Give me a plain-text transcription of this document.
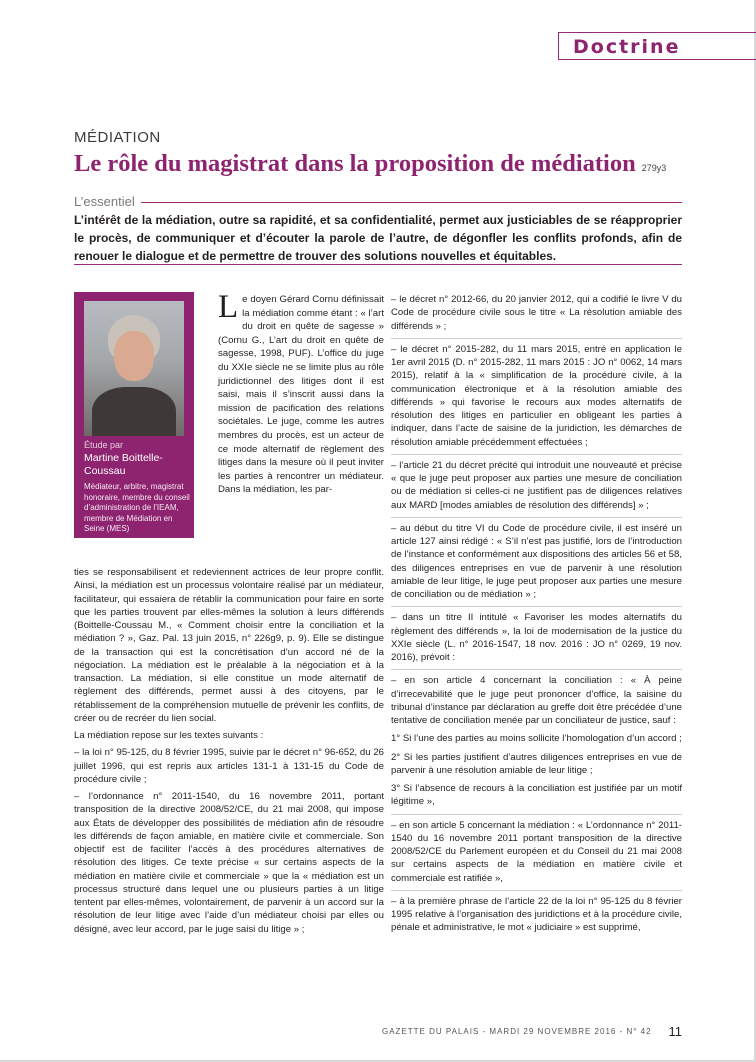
Doctrine
MÉDIATION
Le rôle du magistrat dans la proposition de médiation 279y3
L’essentiel
L’intérêt de la médiation, outre sa rapidité, et sa confidentialité, permet aux justiciables de se réapproprier le procès, de communiquer et d’écouter la parole de l’autre, de dégonfler les conflits profonds, afin de renouer le dialogue et de permettre de trouver des solutions nouvelles et équitables.
Étude par
Martine Boittelle-Coussau
Médiateur, arbitre, magistrat honoraire, membre du conseil d’administration de l’IEAM, membre de Médiation en Seine (MES)
Le doyen Gérard Cornu définissait la médiation comme étant : « l’art du droit en quête de sagesse » (Cornu G., L’art du droit en quête de sagesse, 1998, PUF). L’office du juge du XXIe siècle ne se limite plus au rôle juridictionnel des litiges dont il est saisi, mais il s’inscrit aussi dans la mission de pacification des relations sociétales. Le juge, comme les autres membres du procès, est un acteur de ce mode alternatif de règlement des litiges dans la mesure où il peut inviter les parties à rencontrer un médiateur. Dans la médiation, les par-

ties se responsabilisent et redeviennent actrices de leur propre conflit. Ainsi, la médiation est un processus volontaire réalisé par un médiateur, facilitateur, qui essaiera de rétablir la communication pour faire en sorte que les parties trouvent par elles-mêmes la solution à leurs différends (Boittelle-Coussau M., « Comment choisir entre la conciliation et la médiation ? », Gaz. Pal. 13 juin 2015, n° 226g9, p. 9). Elle se distingue de la transaction qui est la concrétisation d’un accord né de la négociation. La médiation est le préalable à la négociation et à la transaction. La médiation, si elle constitue un mode alternatif de règlement des différends, permet aussi à des citoyens, par le rétablissement de la compréhension mutuelle de prévenir les conflits, de créer ou de recréer du lien social.

La médiation repose sur les textes suivants :

– la loi n° 95-125, du 8 février 1995, suivie par le décret n° 96-652, du 26 juillet 1996, qui est repris aux articles 131-1 à 131-15 du Code de procédure civile ;

– l’ordonnance n° 2011-1540, du 16 novembre 2011, portant transposition de la directive 2008/52/CE, du 21 mai 2008, qui impose aux États de développer des possibilités de médiation afin de résoudre les différends de façon amiable, en matière civile et commerciale. Son objectif est de faciliter l’accès à des procédures alternatives de résolution des litiges. Ce texte précise « sur certains aspects de la médiation en matière civile et commerciale » que la « médiation est un processus structuré dans lequel une ou plusieurs parties à un litige tentent par elles-mêmes, volontairement, de parvenir à un accord sur la résolution de leur litige avec l’aide d’un médiateur choisi par elles ou désigné, avec leur accord, par le juge saisi du litige » ;

– le décret n° 2012-66, du 20 janvier 2012, qui a codifié le livre V du Code de procédure civile sous le titre « La résolution amiable des différends » ;

– le décret n° 2015-282, du 11 mars 2015, entré en application le 1er avril 2015 (D. n° 2015-282, 11 mars 2015 : JO n° 0062, 14 mars 2015), relatif à la « simplification de la procédure civile, à la communication électronique et à la résolution amiable des différends » qui favorise le recours aux modes alternatifs de résolution des litiges en particulier en obligeant les parties à indiquer, dans l’acte de saisine de la juridiction, les démarches de résolution amiable précédemment effectuées ;

– l’article 21 du décret précité qui introduit une nouveauté et précise « que le juge peut proposer aux parties une mesure de conciliation ou de médiation si celles-ci ne justifient pas de diligences relatives aux MARD [modes amiables de résolution des différends] » ;

– au début du titre VI du Code de procédure civile, il est inséré un article 127 ainsi rédigé : « S’il n’est pas justifié, lors de l’introduction de l’instance et conformément aux dispositions des articles 56 et 58, des diligences entreprises en vue de parvenir à une résolution amiable de leur litige, le juge peut proposer aux parties une mesure de conciliation ou de médiation » ;

– dans un titre II intitulé « Favoriser les modes alternatifs du règlement des différends », la loi de modernisation de la justice du XXIe siècle (L. n° 2016-1547, 18 nov. 2016 : JO n° 0269, 19 nov. 2016), prévoit :

– en son article 4 concernant la conciliation : « À peine d’irrecevabilité que le juge peut prononcer d’office, la saisine du tribunal d’instance par déclaration au greffe doit être précédée d’une tentative de conciliation menée par un conciliateur de justice, sauf :

1° Si l’une des parties au moins sollicite l’homologation d’un accord ;

2° Si les parties justifient d’autres diligences entreprises en vue de parvenir à une résolution amiable de leur litige ;

3° Si l’absence de recours à la conciliation est justifiée par un motif légitime »,

– en son article 5 concernant la médiation : « L’ordonnance n° 2011-1540 du 16 novembre 2011 portant transposition de la directive 2008/52/CE du Parlement européen et du Conseil du 21 mai 2008 sur certains aspects de la médiation en matière civile et commerciale est ratifiée »,

– à la première phrase de l’article 22 de la loi n° 95-125 du 8 février 1995 relative à l’organisation des juridictions et à la procédure civile, pénale et administrative, le mot « judiciaire » est supprimé,

GAZETTE DU PALAIS - MARDI 29 NOVEMBRE 2016 - N° 42 11
